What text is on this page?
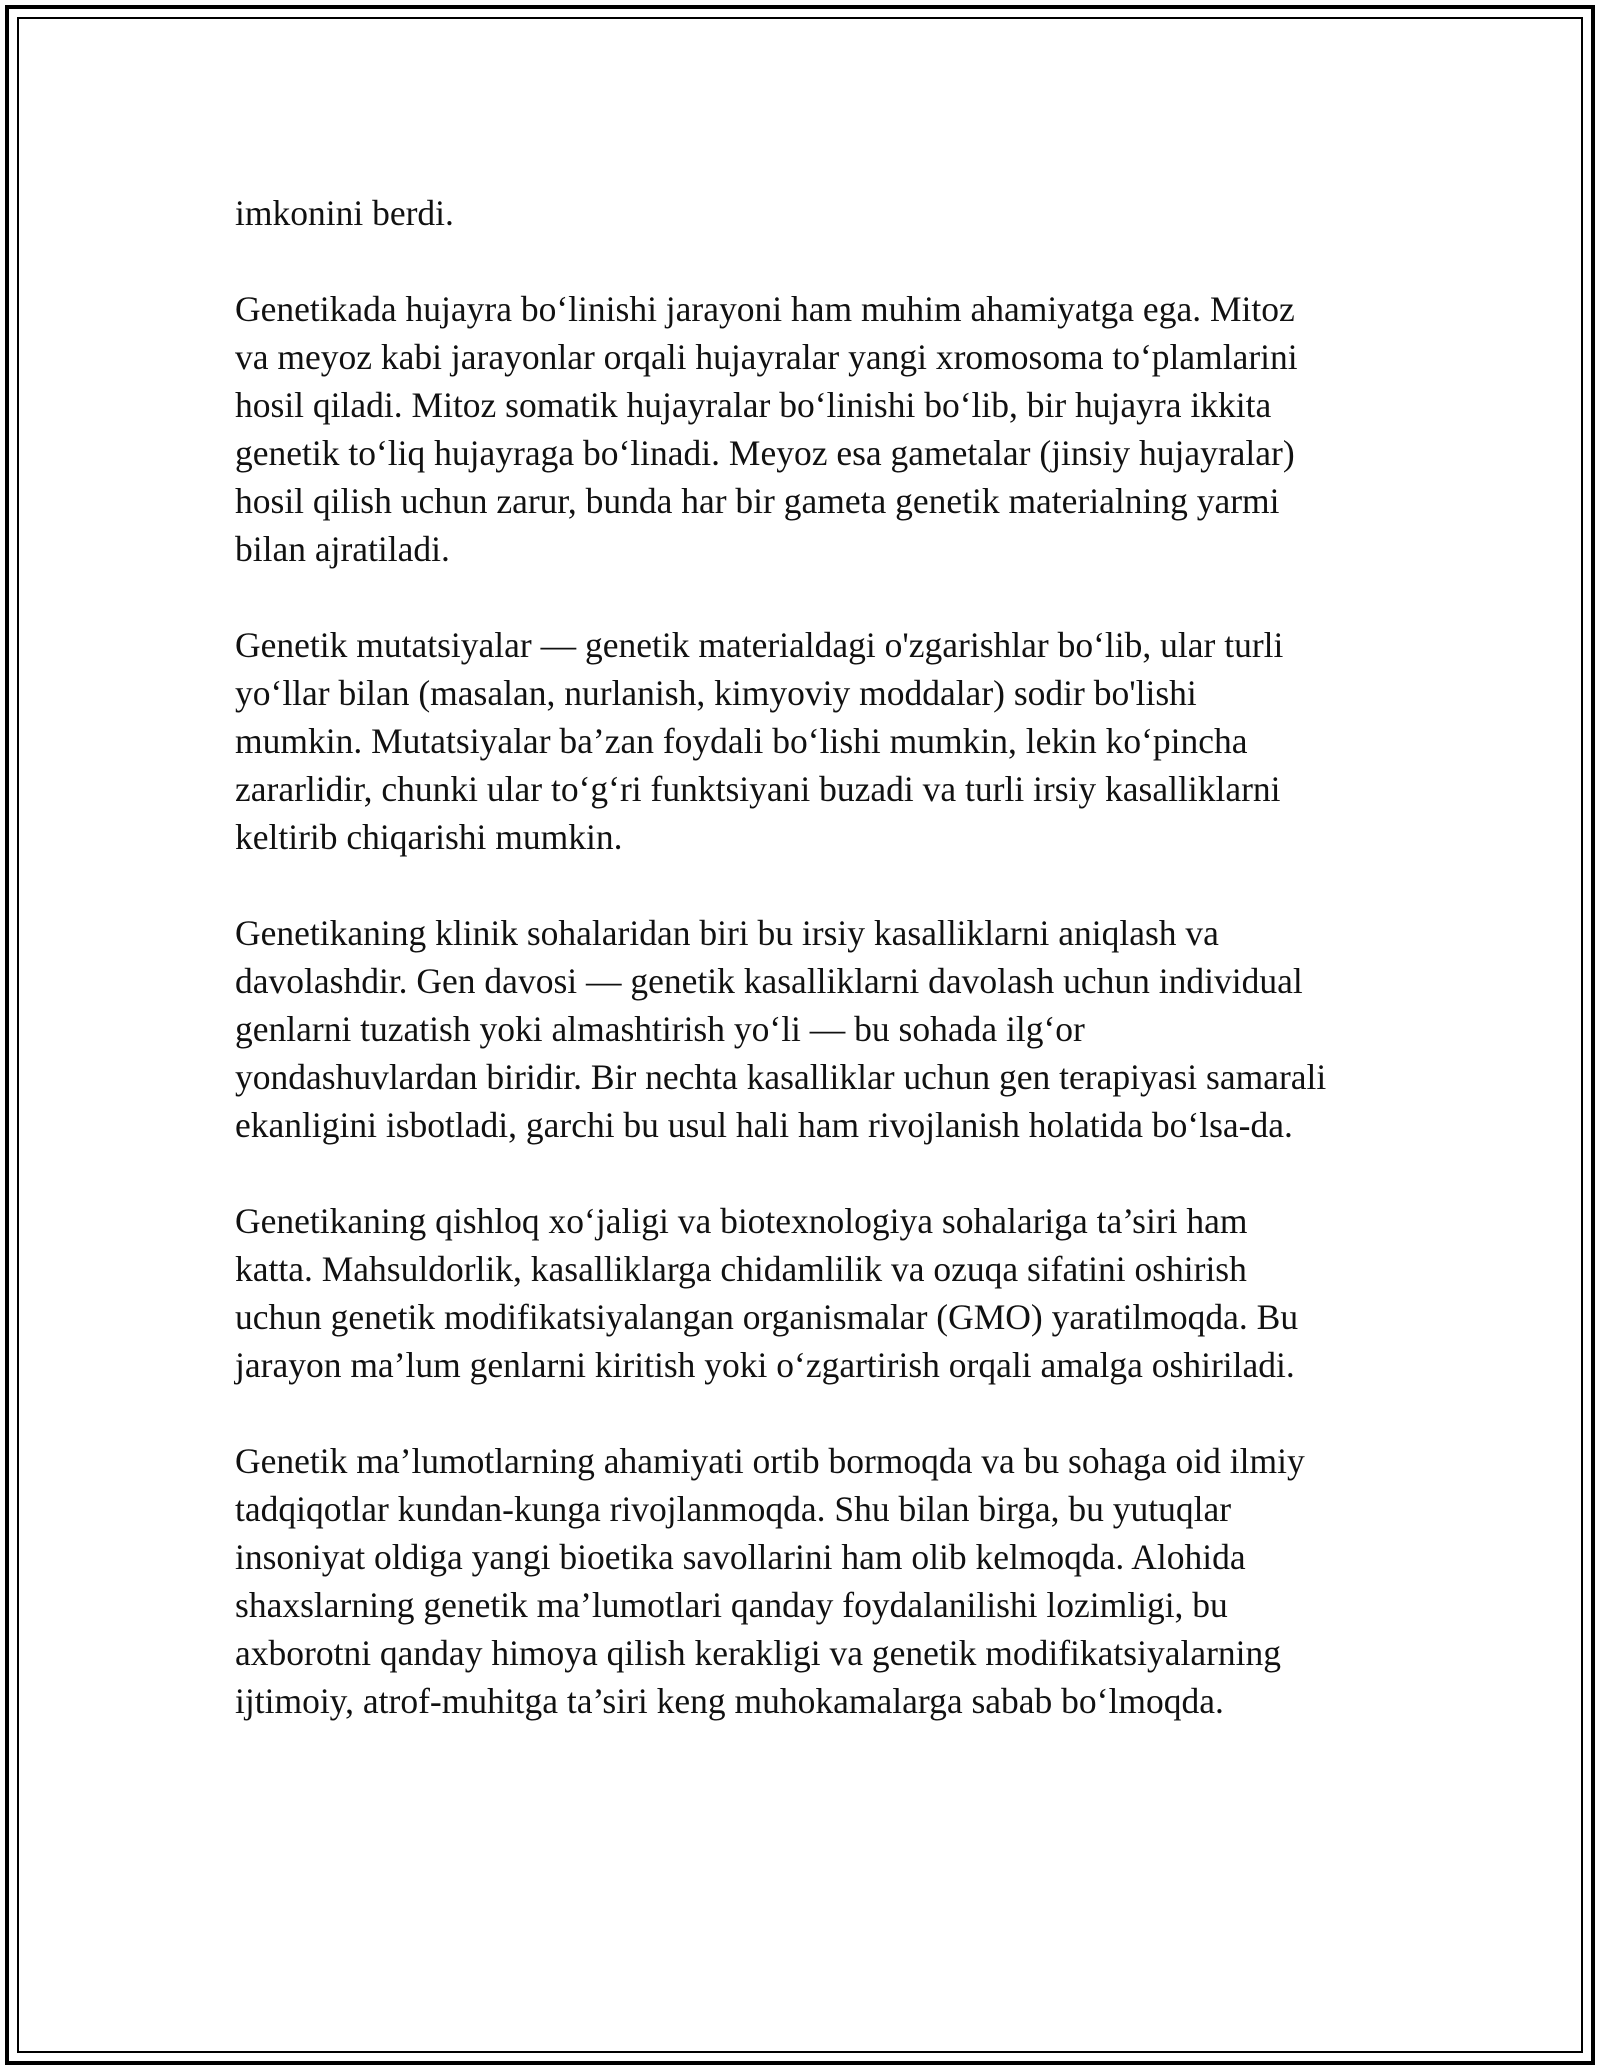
imkonini berdi.

Genetikada hujayra bo‘linishi jarayoni ham muhim ahamiyatga ega. Mitoz
va meyoz kabi jarayonlar orqali hujayralar yangi xromosoma to‘plamlarini
hosil qiladi. Mitoz somatik hujayralar bo‘linishi bo‘lib, bir hujayra ikkita
genetik to‘liq hujayraga bo‘linadi. Meyoz esa gametalar (jinsiy hujayralar)
hosil qilish uchun zarur, bunda har bir gameta genetik materialning yarmi
bilan ajratiladi.

Genetik mutatsiyalar — genetik materialdagi o'zgarishlar bo‘lib, ular turli
yo‘llar bilan (masalan, nurlanish, kimyoviy moddalar) sodir bo'lishi
mumkin. Mutatsiyalar ba’zan foydali bo‘lishi mumkin, lekin ko‘pincha
zararlidir, chunki ular to‘g‘ri funktsiyani buzadi va turli irsiy kasalliklarni
keltirib chiqarishi mumkin.

Genetikaning klinik sohalaridan biri bu irsiy kasalliklarni aniqlash va
davolashdir. Gen davosi — genetik kasalliklarni davolash uchun individual
genlarni tuzatish yoki almashtirish yo‘li — bu sohada ilg‘or
yondashuvlardan biridir. Bir nechta kasalliklar uchun gen terapiyasi samarali
ekanligini isbotladi, garchi bu usul hali ham rivojlanish holatida bo‘lsa-da.

Genetikaning qishloq xo‘jaligi va biotexnologiya sohalariga ta’siri ham
katta. Mahsuldorlik, kasalliklarga chidamlilik va ozuqa sifatini oshirish
uchun genetik modifikatsiyalangan organismalar (GMO) yaratilmoqda. Bu
jarayon ma’lum genlarni kiritish yoki o‘zgartirish orqali amalga oshiriladi.

Genetik ma’lumotlarning ahamiyati ortib bormoqda va bu sohaga oid ilmiy
tadqiqotlar kundan-kunga rivojlanmoqda. Shu bilan birga, bu yutuqlar
insoniyat oldiga yangi bioetika savollarini ham olib kelmoqda. Alohida
shaxslarning genetik ma’lumotlari qanday foydalanilishi lozimligi, bu
axborotni qanday himoya qilish kerakligi va genetik modifikatsiyalarning
ijtimoiy, atrof-muhitga ta’siri keng muhokamalarga sabab bo‘lmoqda.
